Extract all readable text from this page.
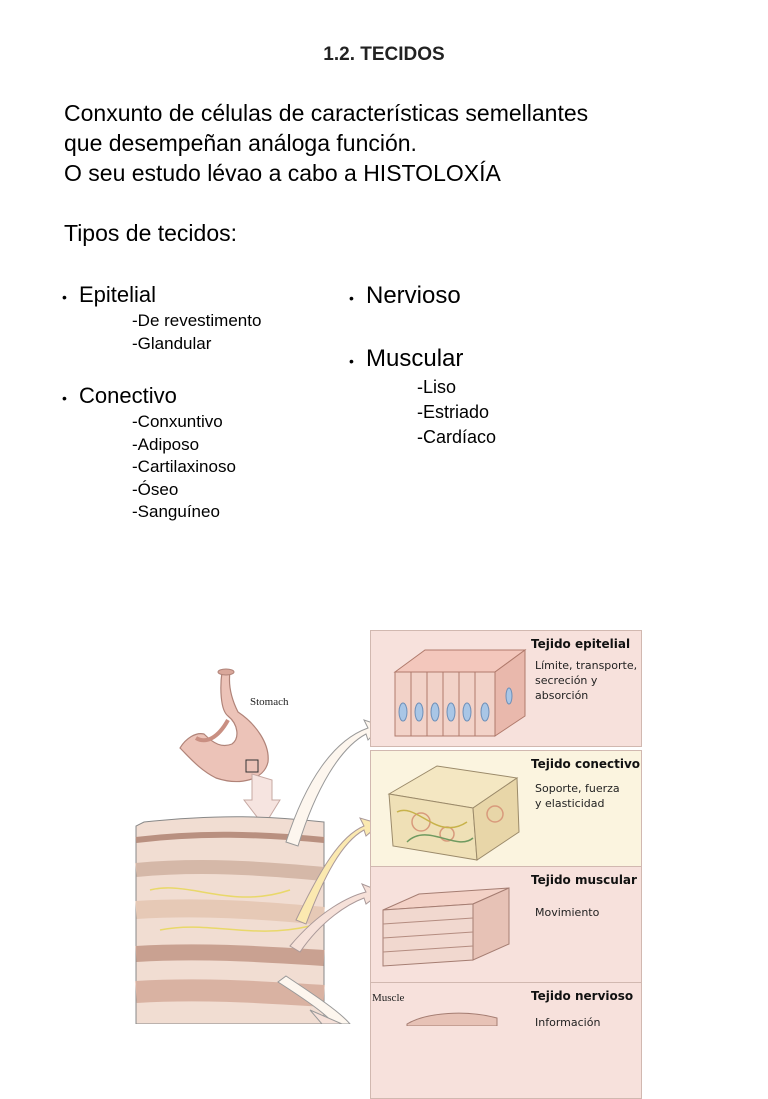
1.2. TECIDOS
Conxunto de células de características semellantes
que desempeñan análoga función.
O seu estudo lévao a cabo a HISTOLOXÍA
Tipos de tecidos:
• Epitelial
-De revestimento
-Glandular
• Conectivo
-Conxuntivo
-Adiposo
-Cartilaxinoso
-Óseo
-Sanguíneo
• Nervioso
• Muscular
-Liso
-Estriado
-Cardíaco
Stomach
Tejido epitelial
Límite, transporte,
secreción y
absorción
Tejido conectivo
Soporte, fuerza
y elasticidad
Tejido muscular
Movimiento
Tejido nervioso
Información
Muscle
